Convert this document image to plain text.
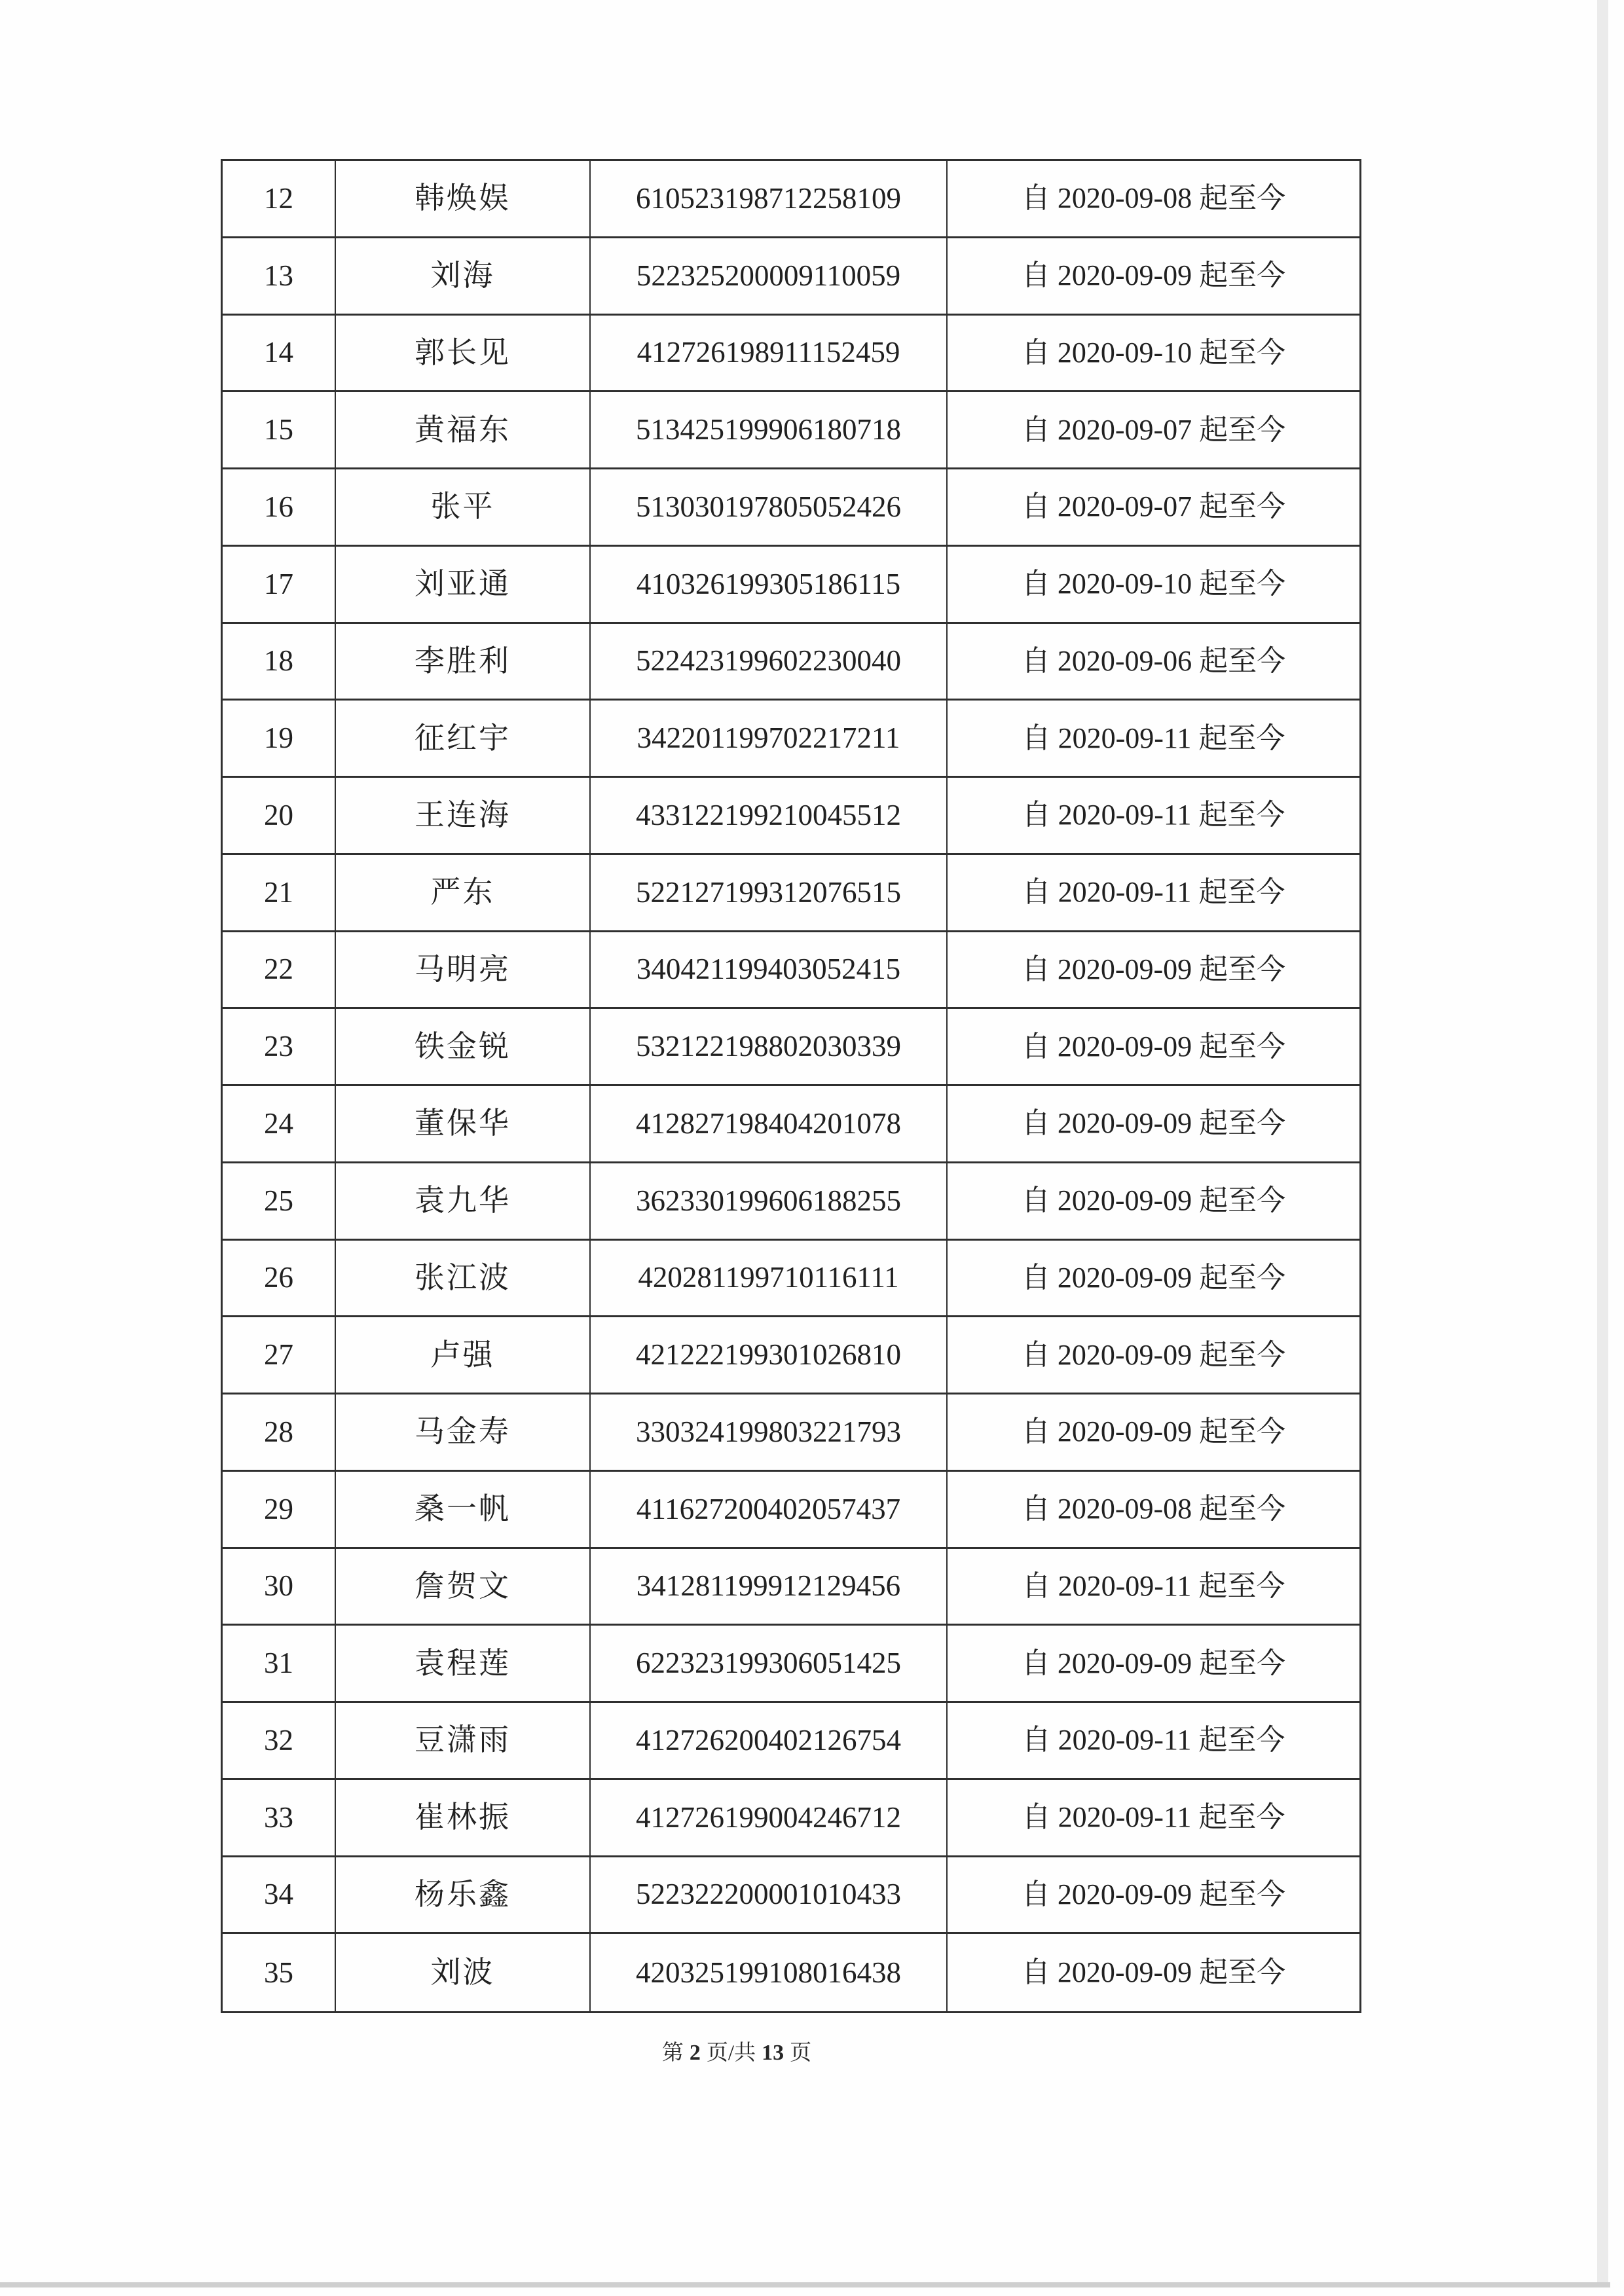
12	韩焕娱	610523198712258109	自 2020-09-08 起至今
13	刘海	522325200009110059	自 2020-09-09 起至今
14	郭长见	412726198911152459	自 2020-09-10 起至今
15	黄福东	513425199906180718	自 2020-09-07 起至今
16	张平	513030197805052426	自 2020-09-07 起至今
17	刘亚通	410326199305186115	自 2020-09-10 起至今
18	李胜利	522423199602230040	自 2020-09-06 起至今
19	征红宇	342201199702217211	自 2020-09-11 起至今
20	王连海	433122199210045512	自 2020-09-11 起至今
21	严东	522127199312076515	自 2020-09-11 起至今
22	马明亮	340421199403052415	自 2020-09-09 起至今
23	铁金锐	532122198802030339	自 2020-09-09 起至今
24	董保华	412827198404201078	自 2020-09-09 起至今
25	袁九华	362330199606188255	自 2020-09-09 起至今
26	张江波	420281199710116111	自 2020-09-09 起至今
27	卢强	421222199301026810	自 2020-09-09 起至今
28	马金寿	330324199803221793	自 2020-09-09 起至今
29	桑一帆	411627200402057437	自 2020-09-08 起至今
30	詹贺文	341281199912129456	自 2020-09-11 起至今
31	袁程莲	622323199306051425	自 2020-09-09 起至今
32	豆潇雨	412726200402126754	自 2020-09-11 起至今
33	崔林振	412726199004246712	自 2020-09-11 起至今
34	杨乐鑫	522322200001010433	自 2020-09-09 起至今
35	刘波	420325199108016438	自 2020-09-09 起至今
第 2 页/共 13 页
